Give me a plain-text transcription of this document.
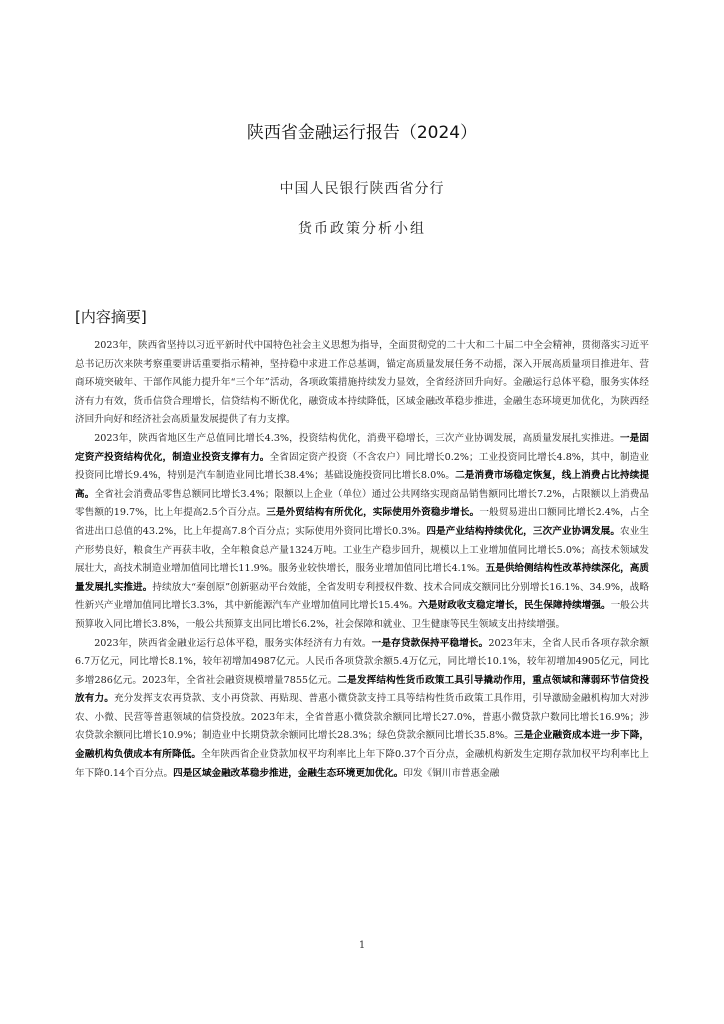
陕西省金融运行报告（2024）
中国人民银行陕西省分行
货币政策分析小组
[内容摘要]

2023年，陕西省坚持以习近平新时代中国特色社会主义思想为指导，全面贯彻党的二十大和二十届二中全会精神，贯彻落实习近平总书记历次来陕考察重要讲话重要指示精神，坚持稳中求进工作总基调，锚定高质量发展任务不动摇，深入开展高质量项目推进年、营商环境突破年、干部作风能力提升年“三个年”活动，各项政策措施持续发力显效，全省经济回升向好。金融运行总体平稳，服务实体经济有力有效，货币信贷合理增长，信贷结构不断优化，融资成本持续降低，区域金融改革稳步推进，金融生态环境更加优化，为陕西经济回升向好和经济社会高质量发展提供了有力支撑。

2023年，陕西省地区生产总值同比增长4.3%，投资结构优化，消费平稳增长，三次产业协调发展，高质量发展扎实推进。一是固定资产投资结构优化，制造业投资支撑有力。全省固定资产投资（不含农户）同比增长0.2%；工业投资同比增长4.8%，其中，制造业投资同比增长9.4%，特别是汽车制造业同比增长38.4%；基础设施投资同比增长8.0%。二是消费市场稳定恢复，线上消费占比持续提高。全省社会消费品零售总额同比增长3.4%；限额以上企业（单位）通过公共网络实现商品销售额同比增长7.2%，占限额以上消费品零售额的19.7%，比上年提高2.5个百分点。三是外贸结构有所优化，实际使用外资稳步增长。一般贸易进出口额同比增长2.4%，占全省进出口总值的43.2%，比上年提高7.8个百分点；实际使用外资同比增长0.3%。四是产业结构持续优化，三次产业协调发展。农业生产形势良好，粮食生产再获丰收，全年粮食总产量1324万吨。工业生产稳步回升，规模以上工业增加值同比增长5.0%；高技术领域发展壮大，高技术制造业增加值同比增长11.9%。服务业较快增长，服务业增加值同比增长4.1%。五是供给侧结构性改革持续深化，高质量发展扎实推进。持续放大“秦创原”创新驱动平台效能，全省发明专利授权件数、技术合同成交额同比分别增长16.1%、34.9%，战略性新兴产业增加值同比增长3.3%，其中新能源汽车产业增加值同比增长15.4%。六是财政收支稳定增长，民生保障持续增强。一般公共预算收入同比增长3.8%，一般公共预算支出同比增长6.2%，社会保障和就业、卫生健康等民生领域支出持续增强。

2023年，陕西省金融业运行总体平稳，服务实体经济有力有效。一是存贷款保持平稳增长。2023年末，全省人民币各项存款余额6.7万亿元，同比增长8.1%，较年初增加4987亿元。人民币各项贷款余额5.4万亿元，同比增长10.1%，较年初增加4905亿元，同比多增286亿元。2023年，全省社会融资规模增量7855亿元。二是发挥结构性货币政策工具引导撬动作用，重点领域和薄弱环节信贷投放有力。充分发挥支农再贷款、支小再贷款、再贴现、普惠小微贷款支持工具等结构性货币政策工具作用，引导激励金融机构加大对涉农、小微、民营等普惠领域的信贷投放。2023年末，全省普惠小微贷款余额同比增长27.0%，普惠小微贷款户数同比增长16.9%；涉农贷款余额同比增长10.9%；制造业中长期贷款余额同比增长28.3%；绿色贷款余额同比增长35.8%。三是企业融资成本进一步下降，金融机构负债成本有所降低。全年陕西省企业贷款加权平均利率比上年下降0.37个百分点，金融机构新发生定期存款加权平均利率比上年下降0.14个百分点。四是区域金融改革稳步推进，金融生态环境更加优化。印发《铜川市普惠金融

1
